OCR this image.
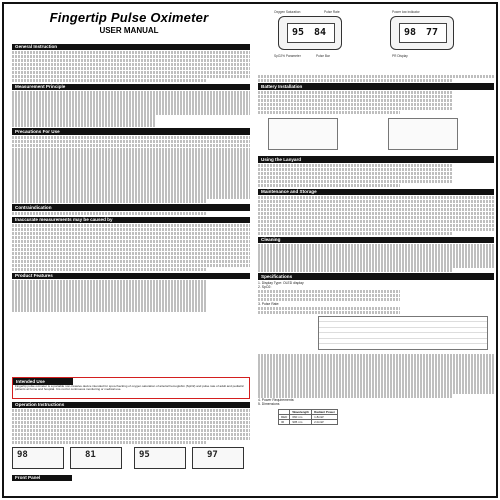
Fingertip Pulse Oximeter
USER MANUAL
Oxygen Saturation	Pulse Rate	Power low indicator
95 84	98 77
SpO2% Parameter	Pulse Bar	PR Display
General Instruction
Measurement Principle
Precautions For Use
Contraindication
Inaccurate measurements may be caused by
Product Features
Intended Use
Fingertip pulse oximeter is a portable non-invasive device intended for spot-checking of oxygen saturation of arterial hemoglobin (SpO2) and pulse rate of adult and pediatric patients at home and hospital. It is not for continuous monitoring or medical use.
Operation Instructions
98	81	95	97
Front Panel
Battery Installation
Using the Lanyard
Maintenance and Storage
Cleaning
Specifications
1. Display Type: OLED display
2. SpO2:
3. Pulse Rate:
4. Power Requirements:
5. Dimensions
	Wavelength	Radiant Power
RED	660 nm	1.8mW
IR	905 nm	2.0mW
